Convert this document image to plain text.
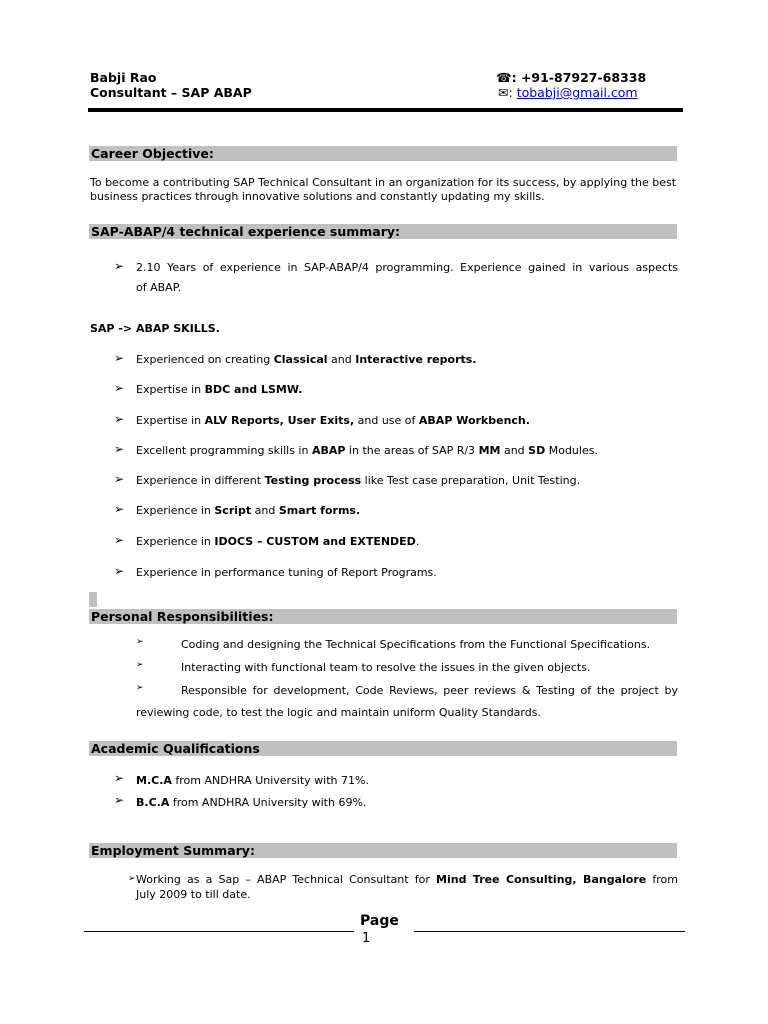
Babji Rao
Consultant – SAP ABAP
☎: +91-87927-68338
✉: tobabji@gmail.com
Career Objective:
To become a contributing SAP Technical Consultant in an organization for its success, by applying the best business practices through innovative solutions and constantly updating my skills.
SAP-ABAP/4 technical experience summary:
➢ 2.10 Years of experience in SAP-ABAP/4 programming. Experience gained in various aspects
of ABAP.
SAP -> ABAP SKILLS.
➢ Experienced on creating Classical and Interactive reports.
➢ Expertise in BDC and LSMW.
➢ Expertise in ALV Reports, User Exits, and use of ABAP Workbench.
➢ Excellent programming skills in ABAP in the areas of SAP R/3 MM and SD Modules.
➢ Experience in different Testing process like Test case preparation, Unit Testing.
➢ Experience in Script and Smart forms.
➢ Experience in IDOCS – CUSTOM and EXTENDED.
➢ Experience in performance tuning of Report Programs.
Personal Responsibilities:
➢	Coding and designing the Technical Specifications from the Functional Specifications.
➢	Interacting with functional team to resolve the issues in the given objects.
➢	Responsible for development, Code Reviews, peer reviews & Testing of the project by
reviewing code, to test the logic and maintain uniform Quality Standards.
Academic Qualifications
➢ M.C.A from ANDHRA University with 71%.
➢ B.C.A from ANDHRA University with 69%.
Employment Summary:
➢ Working as a Sap – ABAP Technical Consultant for Mind Tree Consulting, Bangalore from
July 2009 to till date.
Page
1
